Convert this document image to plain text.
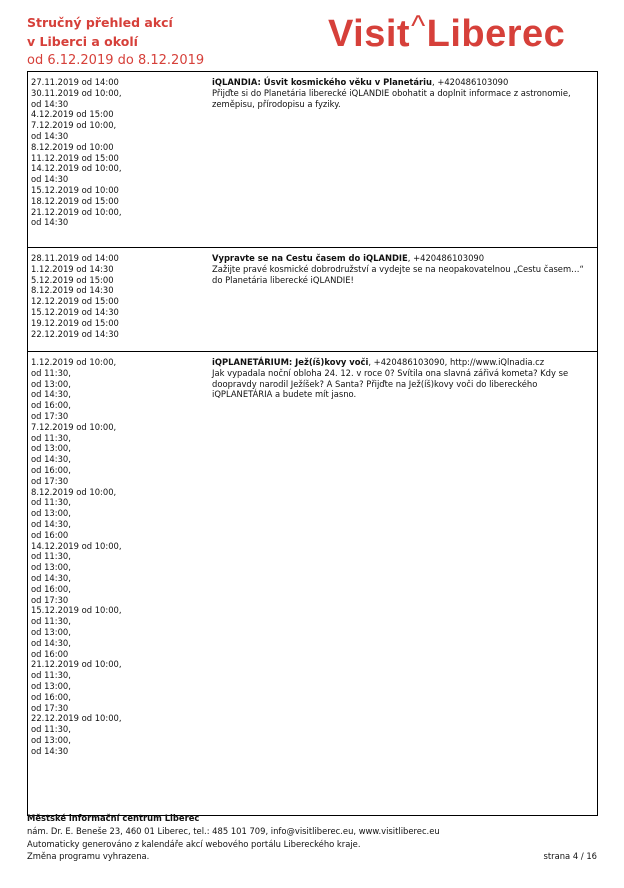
Stručný přehled akcí
v Liberci a okolí
od 6.12.2019 do 8.12.2019
Visit^Liberec
27.11.2019 od 14:00
30.11.2019 od 10:00,
od 14:30
4.12.2019 od 15:00
7.12.2019 od 10:00,
od 14:30
8.12.2019 od 10:00
11.12.2019 od 15:00
14.12.2019 od 10:00,
od 14:30
15.12.2019 od 10:00
18.12.2019 od 15:00
21.12.2019 od 10:00,
od 14:30
iQLANDIA: Úsvit kosmického věku v Planetáriu, +420486103090
Přijďte si do Planetária liberecké iQLANDIE obohatit a doplnit informace z astronomie, zeměpisu, přírodopisu a fyziky.
28.11.2019 od 14:00
1.12.2019 od 14:30
5.12.2019 od 15:00
8.12.2019 od 14:30
12.12.2019 od 15:00
15.12.2019 od 14:30
19.12.2019 od 15:00
22.12.2019 od 14:30
Vypravte se na Cestu časem do iQLANDIE, +420486103090
Zažijte pravé kosmické dobrodružství a vydejte se na neopakovatelnou „Cestu časem…“ do Planetária liberecké iQLANDIE!
1.12.2019 od 10:00,
od 11:30,
od 13:00,
od 14:30,
od 16:00,
od 17:30
7.12.2019 od 10:00,
od 11:30,
od 13:00,
od 14:30,
od 16:00,
od 17:30
8.12.2019 od 10:00,
od 11:30,
od 13:00,
od 14:30,
od 16:00
14.12.2019 od 10:00,
od 11:30,
od 13:00,
od 14:30,
od 16:00,
od 17:30
15.12.2019 od 10:00,
od 11:30,
od 13:00,
od 14:30,
od 16:00
21.12.2019 od 10:00,
od 11:30,
od 13:00,
od 16:00,
od 17:30
22.12.2019 od 10:00,
od 11:30,
od 13:00,
od 14:30
iQPLANETÁRIUM: Jež(íš)kovy voči, +420486103090, http://www.iQlnadia.cz
Jak vypadala noční obloha 24. 12. v roce 0? Svítila ona slavná zářivá kometa? Kdy se doopravdy narodil Ježíšek? A Santa? Přijďte na Jež(íš)kovy voči do libereckého iQPLANETÁRIA a budete mít jasno.
Městské informační centrum Liberec
nám. Dr. E. Beneše 23, 460 01 Liberec, tel.: 485 101 709, info@visitliberec.eu, www.visitliberec.eu
Automaticky generováno z kalendáře akcí webového portálu Libereckého kraje.
Změna programu vyhrazena.	strana 4 / 16
